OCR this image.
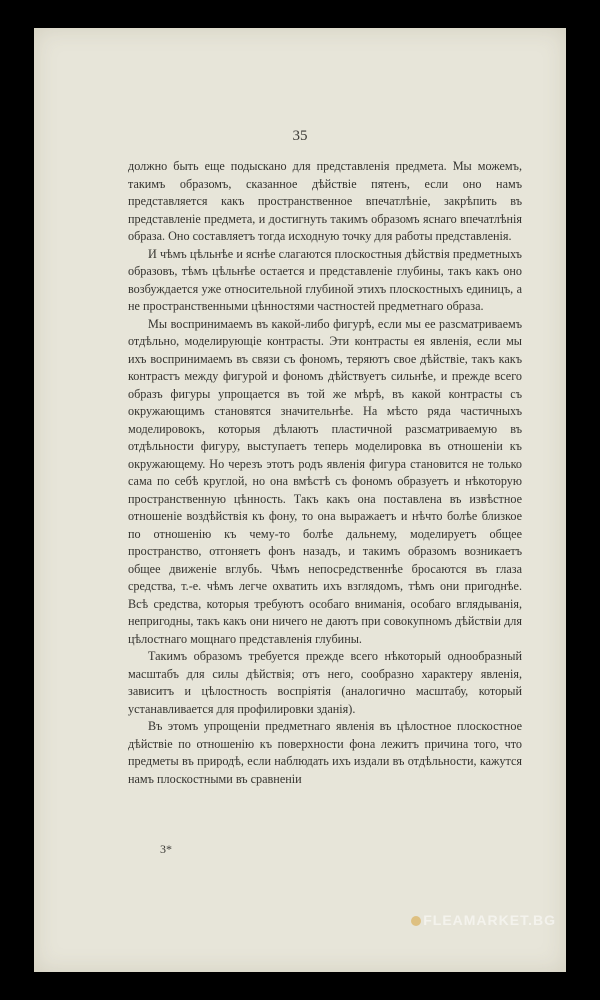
35

должно быть еще подыскано для представленія предмета. Мы можемъ, такимъ образомъ, сказанное дѣйствіе пятенъ, если оно намъ представляется какъ пространственное впечатлѣніе, закрѣпить въ представленіе предмета, и достигнуть такимъ образомъ яснаго впечатлѣнія образа. Оно составляетъ тогда исходную точку для работы представленія.

И чѣмъ цѣльнѣе и яснѣе слагаются плоскостныя дѣйствія предметныхъ образовъ, тѣмъ цѣльнѣе остается и представленіе глубины, такъ какъ оно возбуждается уже относительной глубиной этихъ плоскостныхъ единицъ, а не пространственными цѣнностями частностей предметнаго образа.

Мы воспринимаемъ въ какой-либо фигурѣ, если мы ее разсматриваемъ отдѣльно, моделирующіе контрасты. Эти контрасты ея явленія, если мы ихъ воспринимаемъ въ связи съ фономъ, теряютъ свое дѣйствіе, такъ какъ контрастъ между фигурой и фономъ дѣйствуетъ сильнѣе, и прежде всего образъ фигуры упрощается въ той же мѣрѣ, въ какой контрасты съ окружающимъ становятся значительнѣе. На мѣсто ряда частичныхъ моделировокъ, которыя дѣлаютъ пластичной разсматриваемую въ отдѣльности фигуру, выступаетъ теперь моделировка въ отношеніи къ окружающему. Но черезъ этотъ родъ явленія фигура становится не только сама по себѣ круглой, но она вмѣстѣ съ фономъ образуетъ и нѣкоторую пространственную цѣнность. Такъ какъ она поставлена въ извѣстное отношеніе воздѣйствія къ фону, то она выражаетъ и нѣчто болѣе близкое по отношенію къ чему-то болѣе дальнему, моделируетъ общее пространство, отгоняетъ фонъ назадъ, и такимъ образомъ возникаетъ общее движеніе вглубь. Чѣмъ непосредственнѣе бросаются въ глаза средства, т.-е. чѣмъ легче охватить ихъ взглядомъ, тѣмъ они пригоднѣе. Всѣ средства, которыя требуютъ особаго вниманія, особаго вглядыванія, непригодны, такъ какъ они ничего не даютъ при совокупномъ дѣйствіи для цѣлостнаго мощнаго представленія глубины.

Такимъ образомъ требуется прежде всего нѣкоторый однообразный масштабъ для силы дѣйствія; отъ него, сообразно характеру явленія, зависитъ и цѣлостность воспріятія (аналогично масштабу, который устанавливается для профилировки зданія).

Въ этомъ упрощеніи предметнаго явленія въ цѣлостное плоскостное дѣйствіе по отношенію къ поверхности фона лежитъ причина того, что предметы въ природѣ, если наблюдать ихъ издали въ отдѣльности, кажутся намъ плоскостными въ сравненіи

3*
FLEAMARKET.BG
